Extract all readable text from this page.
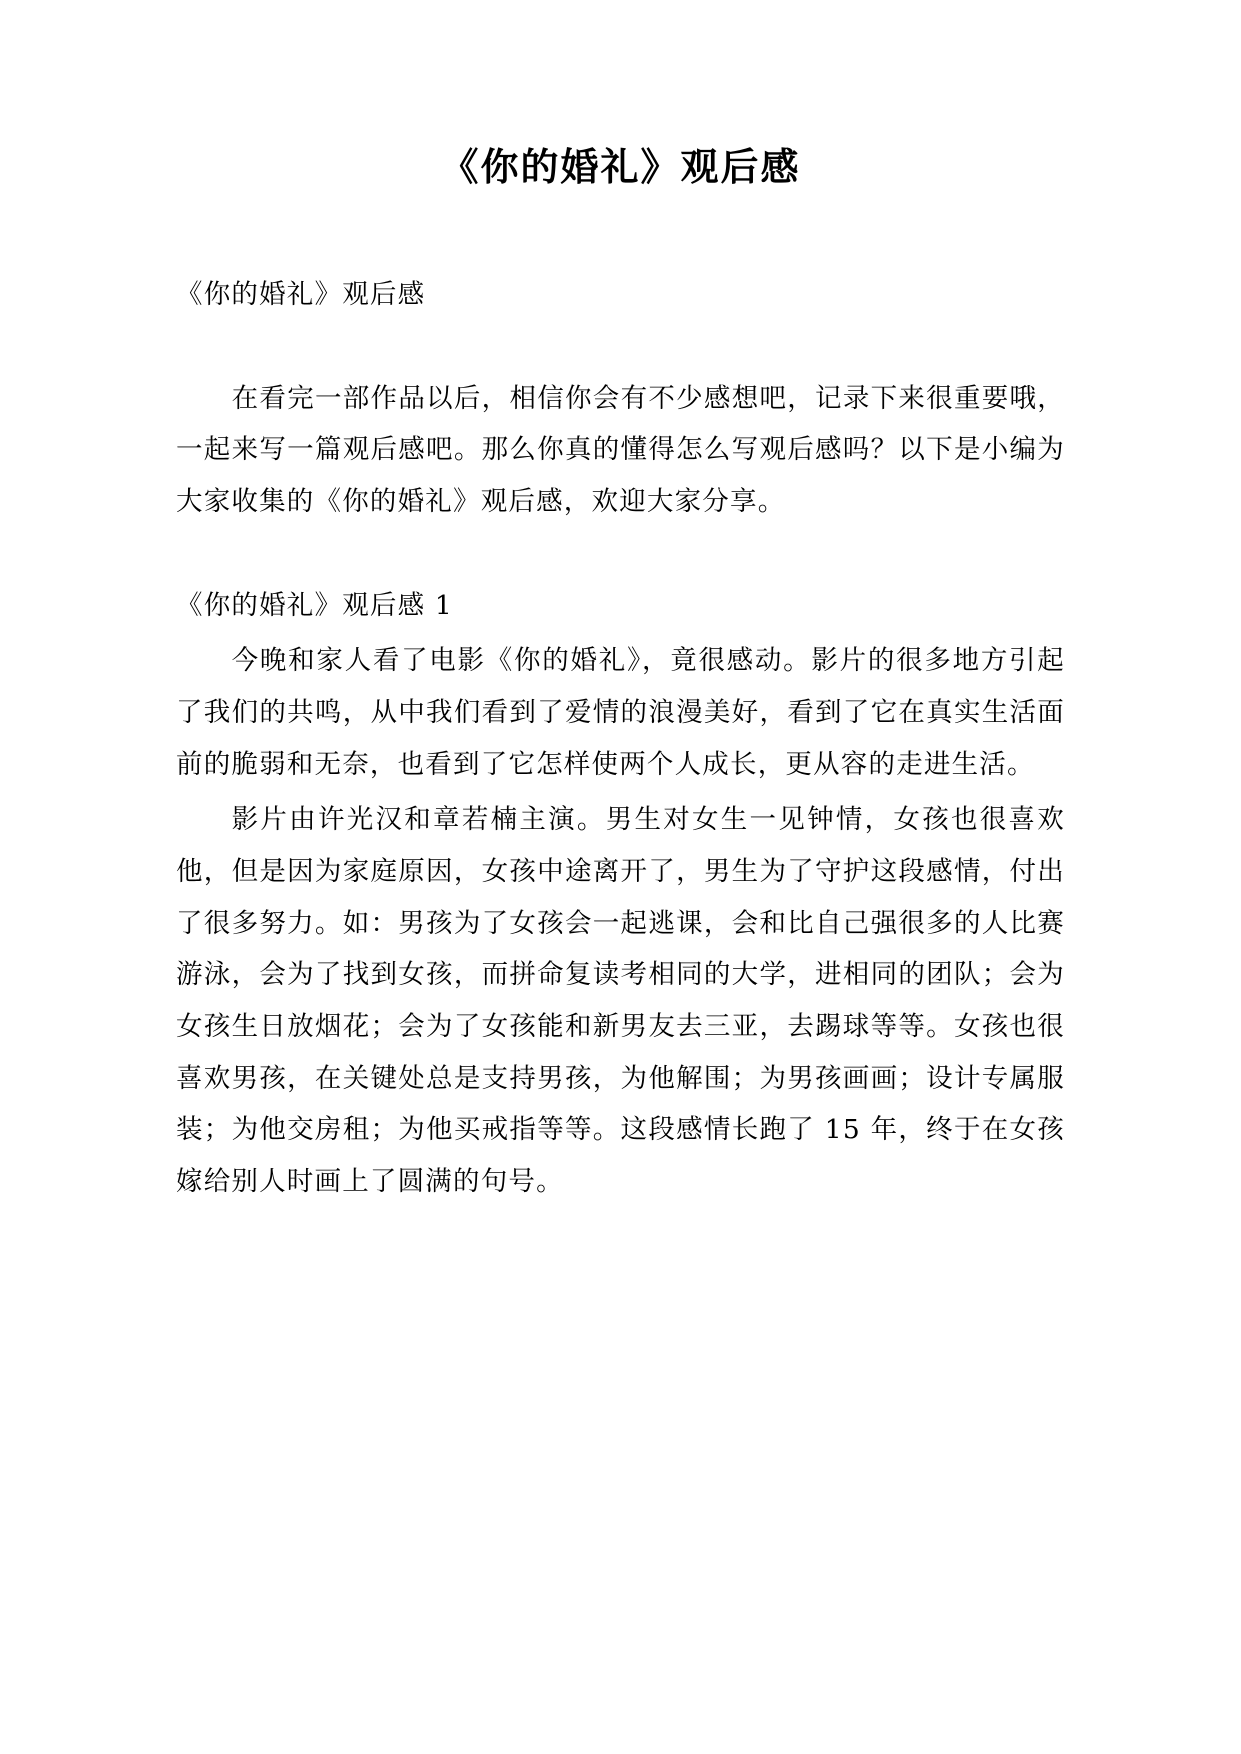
《你的婚礼》观后感

《你的婚礼》观后感

在看完一部作品以后，相信你会有不少感想吧，记录下来很重要哦，一起来写一篇观后感吧。那么你真的懂得怎么写观后感吗？以下是小编为大家收集的《你的婚礼》观后感，欢迎大家分享。

《你的婚礼》观后感 1

今晚和家人看了电影《你的婚礼》，竟很感动。影片的很多地方引起了我们的共鸣，从中我们看到了爱情的浪漫美好，看到了它在真实生活面前的脆弱和无奈，也看到了它怎样使两个人成长，更从容的走进生活。

影片由许光汉和章若楠主演。男生对女生一见钟情，女孩也很喜欢他，但是因为家庭原因，女孩中途离开了，男生为了守护这段感情，付出了很多努力。如：男孩为了女孩会一起逃课，会和比自己强很多的人比赛游泳，会为了找到女孩，而拼命复读考相同的大学，进相同的团队；会为女孩生日放烟花；会为了女孩能和新男友去三亚，去踢球等等。女孩也很喜欢男孩，在关键处总是支持男孩，为他解围；为男孩画画；设计专属服装；为他交房租；为他买戒指等等。这段感情长跑了 15 年，终于在女孩嫁给别人时画上了圆满的句号。
